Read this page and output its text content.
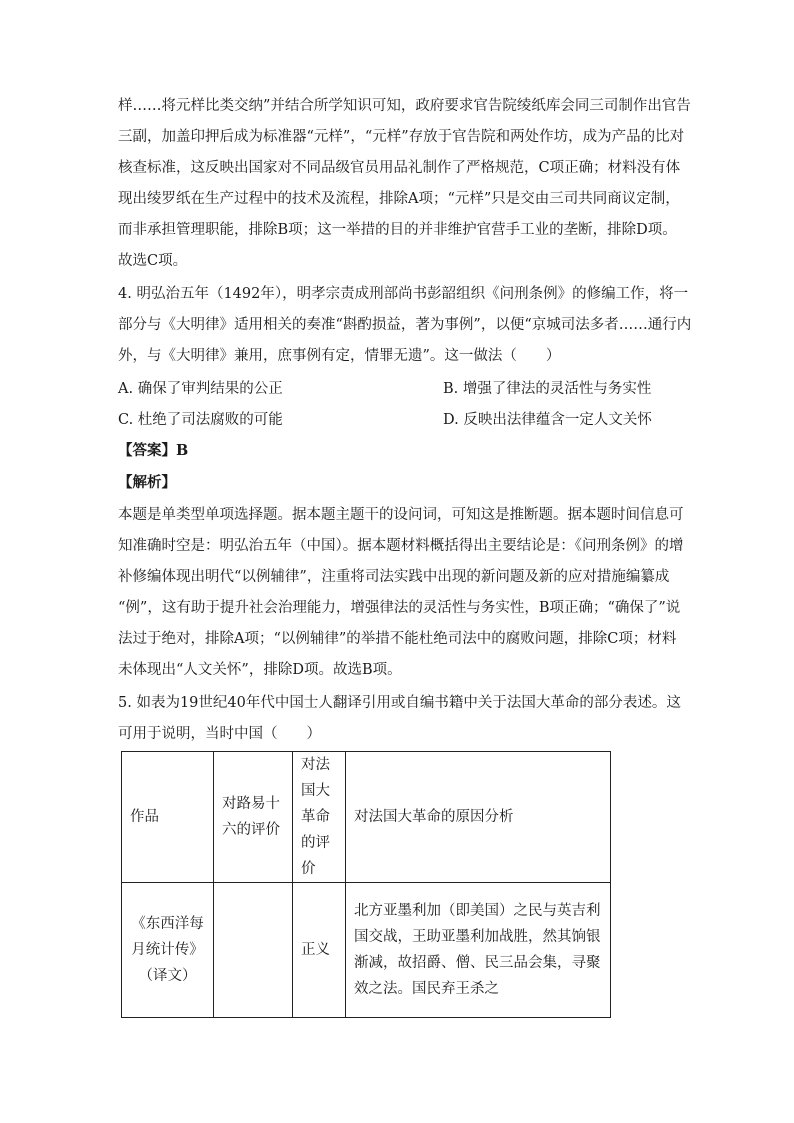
样……将元样比类交纳”并结合所学知识可知，政府要求官告院绫纸库会同三司制作出官告
三副，加盖印押后成为标准器“元样”，“元样”存放于官告院和两处作坊，成为产品的比对
核查标准，这反映出国家对不同品级官员用品礼制作了严格规范，C项正确；材料没有体
现出绫罗纸在生产过程中的技术及流程，排除A项；“元样”只是交由三司共同商议定制，
而非承担管理职能，排除B项；这一举措的目的并非维护官营手工业的垄断，排除D项。
故选C项。
4. 明弘治五年（1492年），明孝宗责成刑部尚书彭韶组织《问刑条例》的修编工作，将一
部分与《大明律》适用相关的奏准“斟酌损益，著为事例”，以便“京城司法多者……通行内
外，与《大明律》兼用，庶事例有定，情罪无遗”。这一做法（　　）
A. 确保了审判结果的公正	B. 增强了律法的灵活性与务实性
C. 杜绝了司法腐败的可能	D. 反映出法律蕴含一定人文关怀
【答案】B
【解析】
本题是单类型单项选择题。据本题主题干的设问词，可知这是推断题。据本题时间信息可
知准确时空是：明弘治五年（中国）。据本题材料概括得出主要结论是：《问刑条例》的增
补修编体现出明代“以例辅律”，注重将司法实践中出现的新问题及新的应对措施编纂成
“例”，这有助于提升社会治理能力，增强律法的灵活性与务实性，B项正确；“确保了”说
法过于绝对，排除A项；“以例辅律”的举措不能杜绝司法中的腐败问题，排除C项；材料
未体现出“人文关怀”，排除D项。故选B项。
5. 如表为19世纪40年代中国士人翻译引用或自编书籍中关于法国大革命的部分表述。这
可用于说明，当时中国（　　）
作品	对路易十六的评价	对法国大革命的评价	对法国大革命的原因分析
《东西洋每月统计传》（译文）		正义	北方亚墨利加（即美国）之民与英吉利国交战，王助亚墨利加战胜，然其饷银渐减，故招爵、僧、民三品会集，寻聚效之法。国民弃王杀之
